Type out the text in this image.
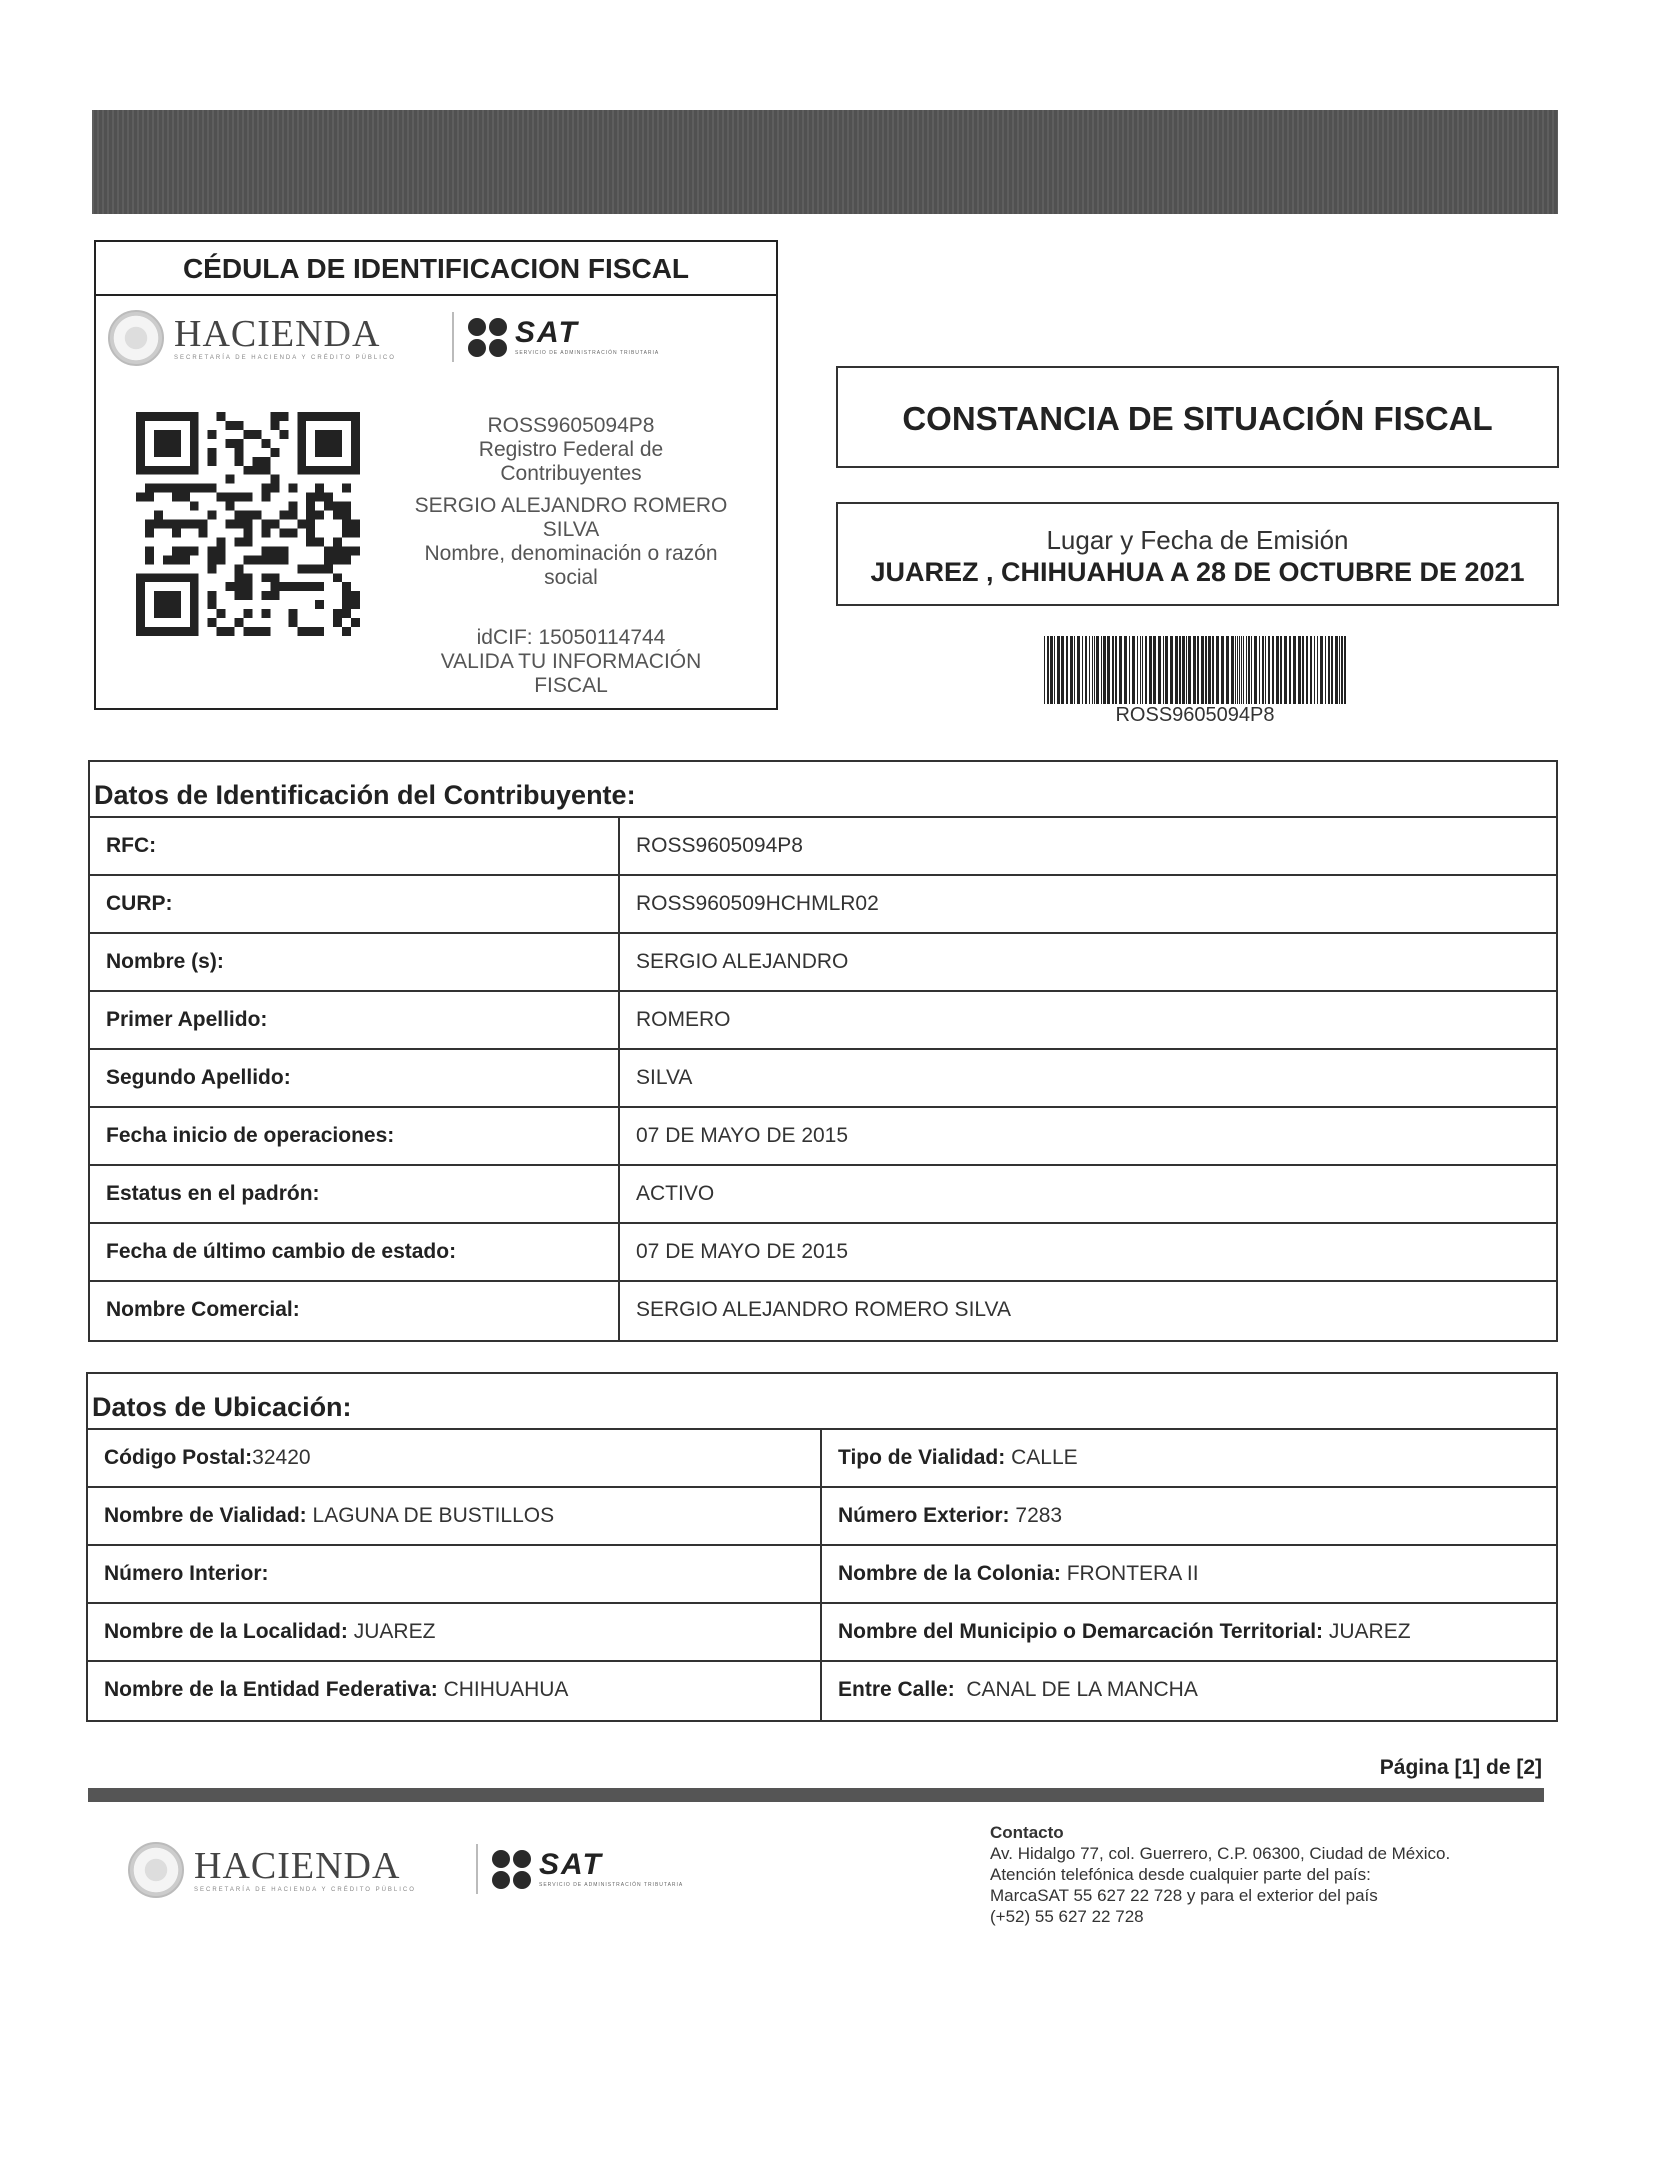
CÉDULA DE IDENTIFICACION FISCAL
HACIENDA
SECRETARÍA DE HACIENDA Y CRÉDITO PÚBLICO
SAT
SERVICIO DE ADMINISTRACIÓN TRIBUTARIA
ROSS9605094P8
Registro Federal de Contribuyentes
SERGIO ALEJANDRO ROMERO
SILVA
Nombre, denominación o razón
social
idCIF: 15050114744
VALIDA TU INFORMACIÓN
FISCAL
CONSTANCIA DE SITUACIÓN FISCAL
Lugar y Fecha de Emisión
JUAREZ , CHIHUAHUA A 28 DE OCTUBRE DE 2021
ROSS9605094P8
Datos de Identificación del Contribuyente:
RFC:	ROSS9605094P8
CURP:	ROSS960509HCHMLR02
Nombre (s):	SERGIO ALEJANDRO
Primer Apellido:	ROMERO
Segundo Apellido:	SILVA
Fecha inicio de operaciones:	07 DE MAYO DE 2015
Estatus en el padrón:	ACTIVO
Fecha de último cambio de estado:	07 DE MAYO DE 2015
Nombre Comercial:	SERGIO ALEJANDRO ROMERO SILVA
Datos de Ubicación:
Código Postal:32420	Tipo de Vialidad: CALLE
Nombre de Vialidad: LAGUNA DE BUSTILLOS	Número Exterior: 7283
Número Interior:	Nombre de la Colonia: FRONTERA II
Nombre de la Localidad: JUAREZ	Nombre del Municipio o Demarcación Territorial: JUAREZ
Nombre de la Entidad Federativa: CHIHUAHUA	Entre Calle: CANAL DE LA MANCHA
Página [1] de [2]
HACIENDA
SECRETARÍA DE HACIENDA Y CRÉDITO PÚBLICO
SAT
SERVICIO DE ADMINISTRACIÓN TRIBUTARIA
Contacto
Av. Hidalgo 77, col. Guerrero, C.P. 06300, Ciudad de México.
Atención telefónica desde cualquier parte del país:
MarcaSAT 55 627 22 728 y para el exterior del país
(+52) 55 627 22 728
